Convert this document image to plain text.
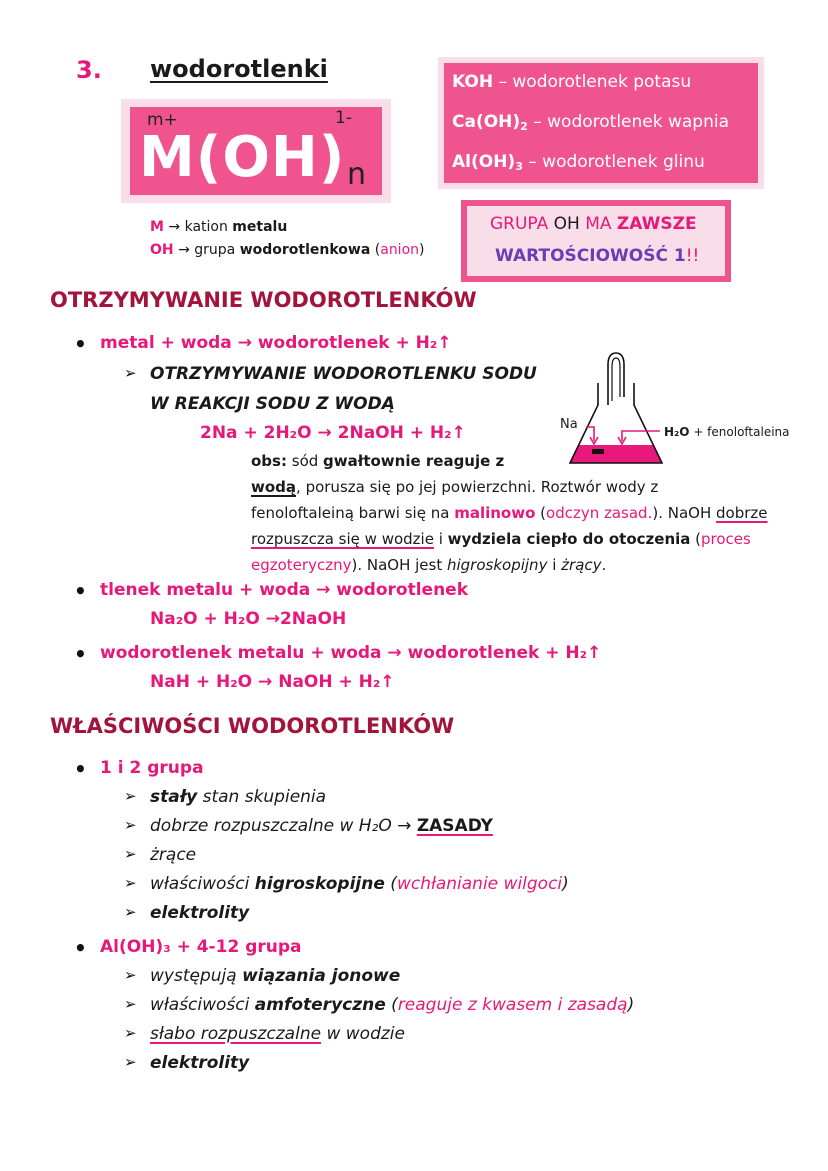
3. wodorotlenki
m+	1-
M(OH) n
M → kation metalu
OH → grupa wodorotlenkowa (anion)
KOH – wodorotlenek potasu
$Ca(OH)_2$ – wodorotlenek wapnia
$Al(OH)_3$ – wodorotlenek glinu
GRUPA OH MA ZAWSZE
WARTOŚCIOWOŚĆ 1!!
OTRZYMYWANIE WODOROTLENKÓW
• metal + woda → wodorotlenek + H₂↑
➢ OTRZYMYWANIE WODOROTLENKU SODU
W REAKCJI SODU Z WODĄ
2Na + 2H₂O → 2NaOH + H₂↑
obs: sód gwałtownie reaguje z
wodą, porusza się po jej powierzchni. Roztwór wody z
fenoloftaleiną barwi się na malinowo (odczyn zasad.). NaOH dobrze
rozpuszcza się w wodzie i wydziela ciepło do otoczenia (proces
egzoteryczny). NaOH jest higroskopijny i żrący.
Na	H₂O + fenoloftaleina
• tlenek metalu + woda → wodorotlenek
Na₂O + H₂O →2NaOH
• wodorotlenek metalu + woda → wodorotlenek + H₂↑
NaH + H₂O → NaOH + H₂↑
WŁAŚCIWOŚCI WODOROTLENKÓW
• 1 i 2 grupa
➢ stały stan skupienia
➢ dobrze rozpuszczalne w H₂O → ZASADY
➢ żrące
➢ właściwości higroskopijne (wchłanianie wilgoci)
➢ elektrolity
• Al(OH)₃ + 4-12 grupa
➢ występują wiązania jonowe
➢ właściwości amfoteryczne (reaguje z kwasem i zasadą)
➢ słabo rozpuszczalne w wodzie
➢ elektrolity
